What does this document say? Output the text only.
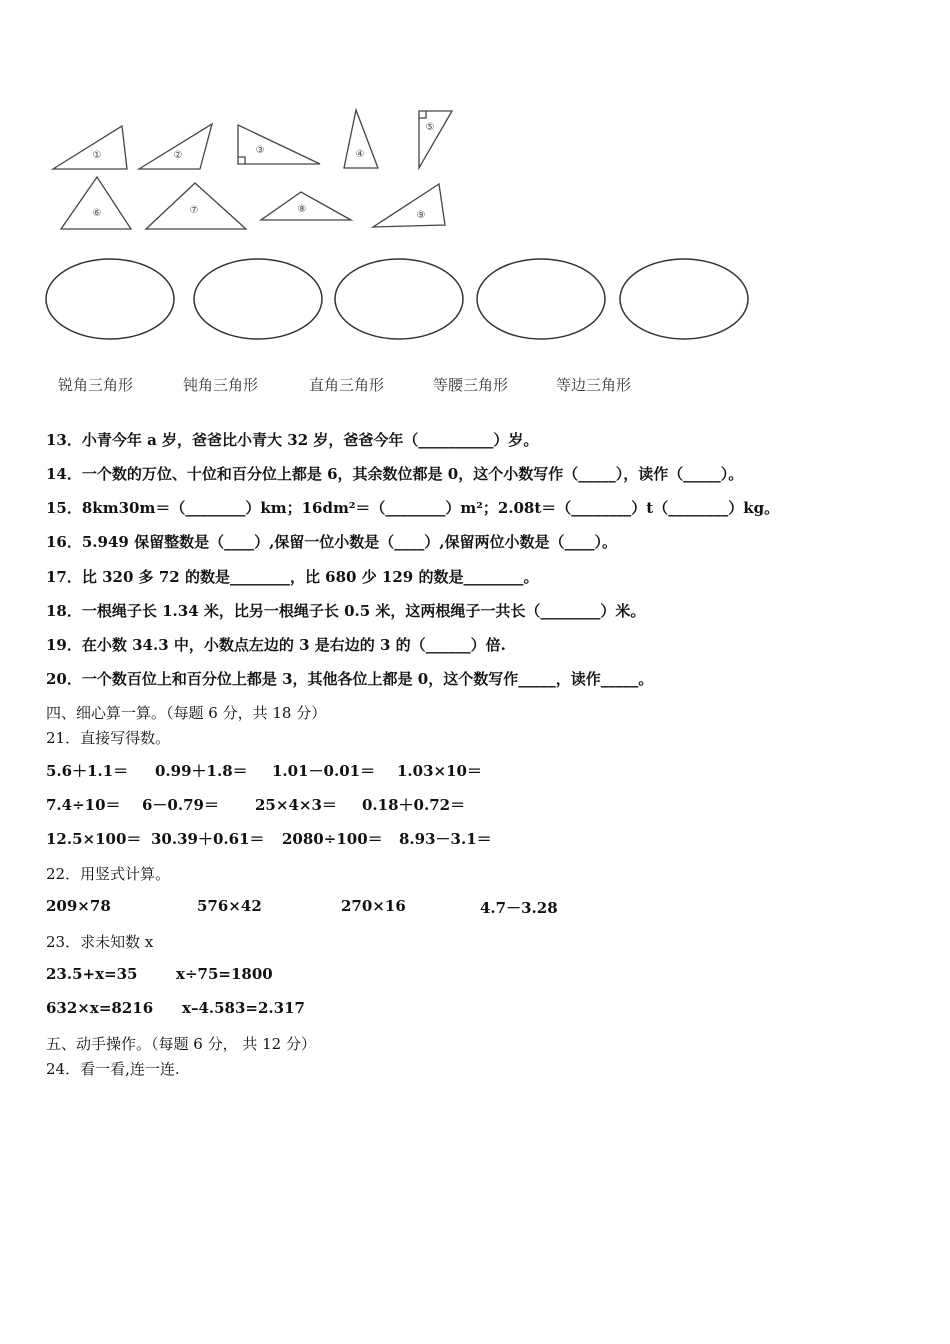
①	②	③	④
⑤
⑥	⑦	⑧
⑨
锐角三角形	钝角三角形	直角三角形	等腰三角形	等边三角形
13．小青今年 a 岁，爸爸比小青大 32 岁，爸爸今年（__________）岁。
14．一个数的万位、十位和百分位上都是 6，其余数位都是 0，这个小数写作（_____），读作（_____）。
15．8km30m＝（________）km；16dm²＝（________）m²；2.08t＝（________）t（________）kg。
16．5.949 保留整数是（____）,保留一位小数是（____）,保留两位小数是（____）。
17．比 320 多 72 的数是________，比 680 少 129 的数是________。
18．一根绳子长 1.34 米，比另一根绳子长 0.5 米，这两根绳子一共长（________）米。
19．在小数 34.3 中，小数点左边的 3 是右边的 3 的（______）倍.
20．一个数百位上和百分位上都是 3，其他各位上都是 0，这个数写作_____，读作_____。
四、细心算一算。（每题 6 分，共 18 分）
21．直接写得数。
5.6＋1.1＝ 0.99＋1.8＝ 1.01－0.01＝ 1.03×10＝
7.4÷10＝ 6－0.79＝ 25×4×3＝ 0.18＋0.72＝
12.5×100＝ 30.39＋0.61＝ 2080÷100＝ 8.93－3.1＝
22．用竖式计算。
209×78	576×42	270×16	4.7－3.28
23．求未知数 x
23.5+x=35	x÷75=1800
632×x=8216 x–4.583=2.317
五、动手操作。（每题 6 分， 共 12 分）
24．看一看,连一连.
